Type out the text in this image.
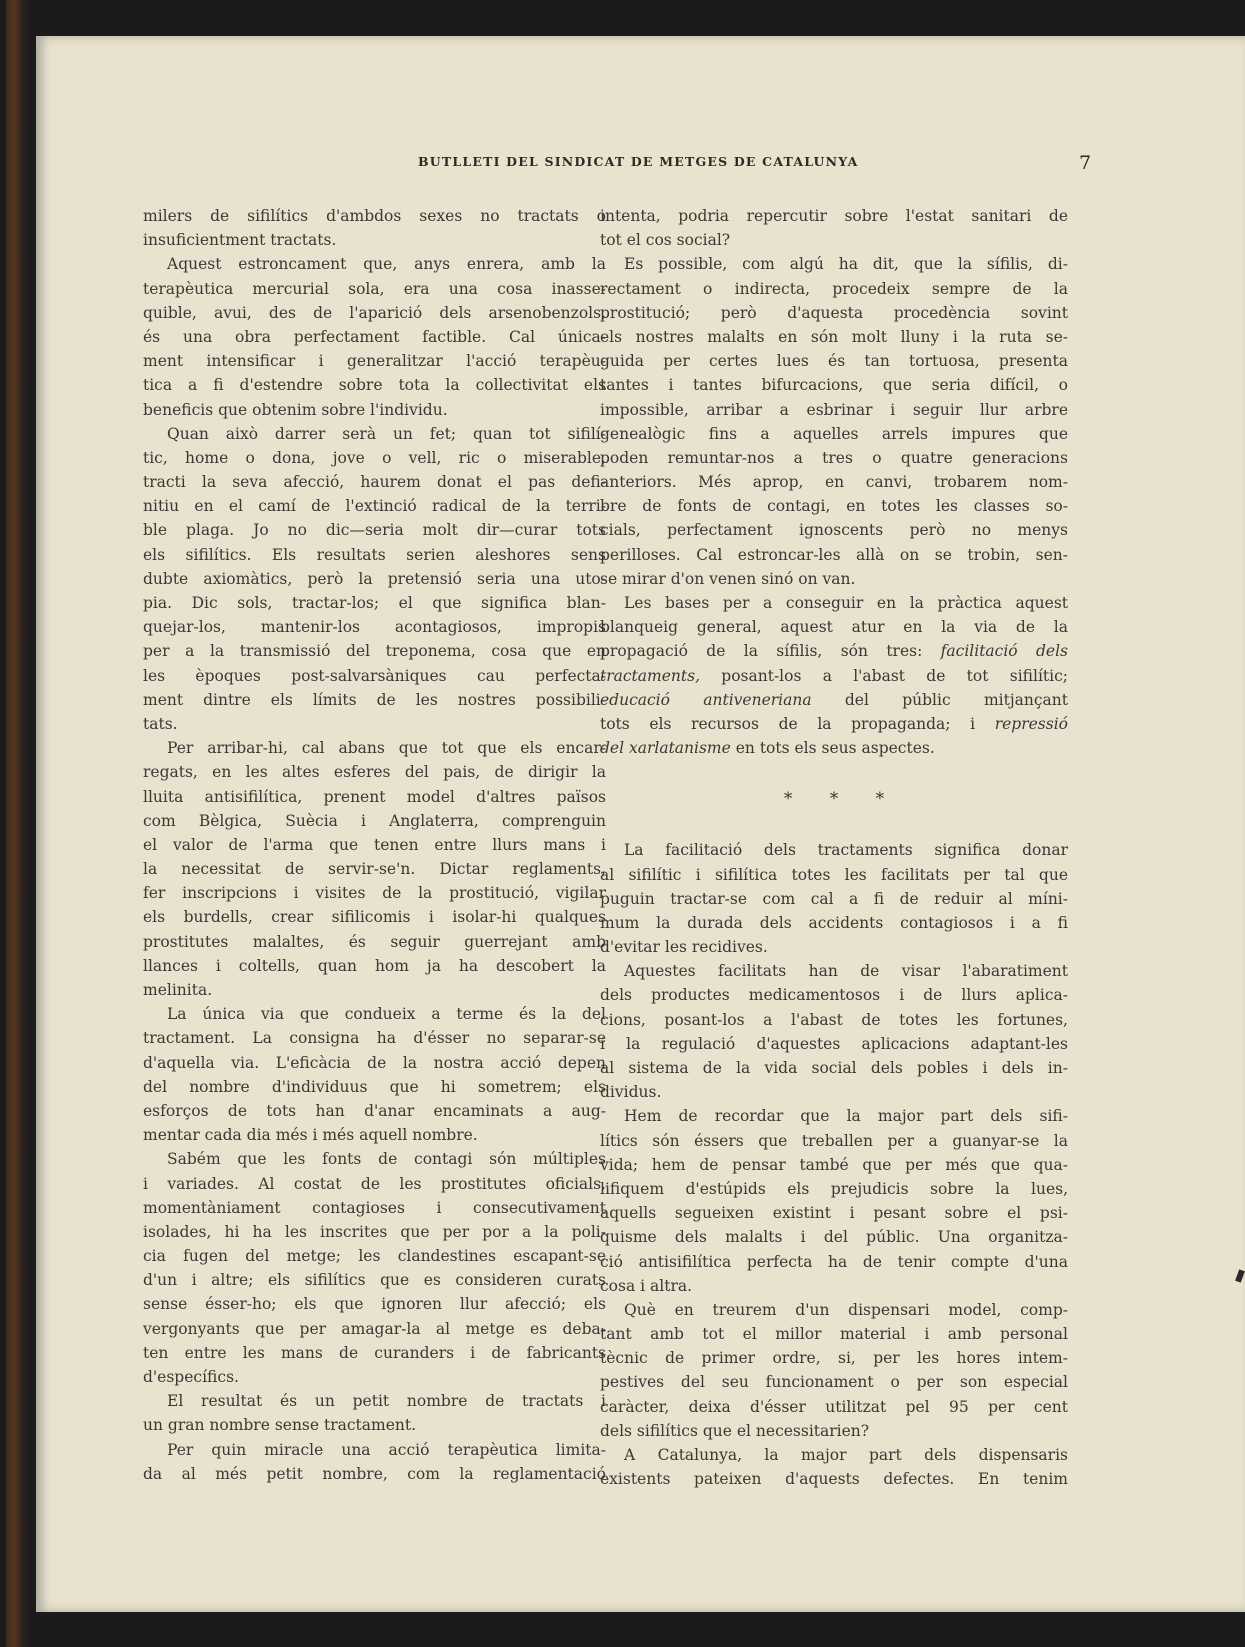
BUTLLETI DEL SINDICAT DE METGES DE CATALUNYA	7
milers de sifilítics d'ambdos sexes no tractats o
insuficientment tractats.
Aquest estroncament que, anys enrera, amb la
terapèutica mercurial sola, era una cosa inasse-
quible, avui, des de l'aparició dels arsenobenzols,
és una obra perfectament factible. Cal única-
ment intensificar i generalitzar l'acció terapèu-
tica a fi d'estendre sobre tota la collectivitat els
beneficis que obtenim sobre l'individu.
Quan això darrer serà un fet; quan tot sifilí-
tic, home o dona, jove o vell, ric o miserable,
tracti la seva afecció, haurem donat el pas defi-
nitiu en el camí de l'extinció radical de la terri-
ble plaga. Jo no dic—seria molt dir—curar tots
els sifilítics. Els resultats serien aleshores sens
dubte axiomàtics, però la pretensió seria una uto-
pia. Dic sols, tractar-los; el que significa blan-
quejar-los, mantenir-los acontagiosos, impropis
per a la transmissió del treponema, cosa que en
les èpoques post-salvarsàniques cau perfecta-
ment dintre els límits de les nostres possibili-
tats.
Per arribar-hi, cal abans que tot que els encar-
regats, en les altes esferes del pais, de dirigir la
lluita antisifilítica, prenent model d'altres països
com Bèlgica, Suècia i Anglaterra, comprenguin
el valor de l'arma que tenen entre llurs mans i
la necessitat de servir-se'n. Dictar reglaments,
fer inscripcions i visites de la prostitució, vigilar
els burdells, crear sifilicomis i isolar-hi qualques
prostitutes malaltes, és seguir guerrejant amb
llances i coltells, quan hom ja ha descobert la
melinita.
La única via que condueix a terme és la del
tractament. La consigna ha d'ésser no separar-se
d'aquella via. L'eficàcia de la nostra acció depen
del nombre d'individuus que hi sometrem; els
esforços de tots han d'anar encaminats a aug-
mentar cada dia més i més aquell nombre.
Sabém que les fonts de contagi són múltiples
i variades. Al costat de les prostitutes oficials,
momentàniament contagioses i consecutivament
isolades, hi ha les inscrites que per por a la poli-
cia fugen del metge; les clandestines escapant-se
d'un i altre; els sifilítics que es consideren curats
sense ésser-ho; els que ignoren llur afecció; els
vergonyants que per amagar-la al metge es deba-
ten entre les mans de curanders i de fabricants
d'específics.
El resultat és un petit nombre de tractats i
un gran nombre sense tractament.
Per quin miracle una acció terapèutica limita-
da al més petit nombre, com la reglamentació
intenta, podria repercutir sobre l'estat sanitari de
tot el cos social?
Es possible, com algú ha dit, que la sífilis, di-
rectament o indirecta, procedeix sempre de la
prostitució; però d'aquesta procedència sovint
els nostres malalts en són molt lluny i la ruta se-
guida per certes lues és tan tortuosa, presenta
tantes i tantes bifurcacions, que seria difícil, o
impossible, arribar a esbrinar i seguir llur arbre
genealògic fins a aquelles arrels impures que
poden remuntar-nos a tres o quatre generacions
anteriors. Més aprop, en canvi, trobarem nom-
bre de fonts de contagi, en totes les classes so-
cials, perfectament ignoscents però no menys
perilloses. Cal estroncar-les allà on se trobin, sen-
se mirar d'on venen sinó on van.
Les bases per a conseguir en la pràctica aquest
blanqueig general, aquest atur en la via de la
propagació de la sífilis, són tres: facilitació dels
tractaments, posant-los a l'abast de tot sifilític;
educació antiveneriana del públic mitjançant
tots els recursos de la propaganda; i repressió
del xarlatanisme en tots els seus aspectes.
* * *
La facilitació dels tractaments significa donar
al sifilític i sifilítica totes les facilitats per tal que
puguin tractar-se com cal a fi de reduir al míni-
mum la durada dels accidents contagiosos i a fi
d'evitar les recidives.
Aquestes facilitats han de visar l'abaratiment
dels productes medicamentosos i de llurs aplica-
cions, posant-los a l'abast de totes les fortunes,
i la regulació d'aquestes aplicacions adaptant-les
al sistema de la vida social dels pobles i dels in-
dividus.
Hem de recordar que la major part dels sifi-
lítics són éssers que treballen per a guanyar-se la
vida; hem de pensar també que per més que qua-
lifiquem d'estúpids els prejudicis sobre la lues,
aquells segueixen existint i pesant sobre el psi-
quisme dels malalts i del públic. Una organitza-
ció antisifilítica perfecta ha de tenir compte d'una
cosa i altra.
Què en treurem d'un dispensari model, comp-
tant amb tot el millor material i amb personal
tècnic de primer ordre, si, per les hores intem-
pestives del seu funcionament o per son especial
caràcter, deixa d'ésser utilitzat pel 95 per cent
dels sifilítics que el necessitarien?
A Catalunya, la major part dels dispensaris
existents pateixen d'aquests defectes. En tenim
